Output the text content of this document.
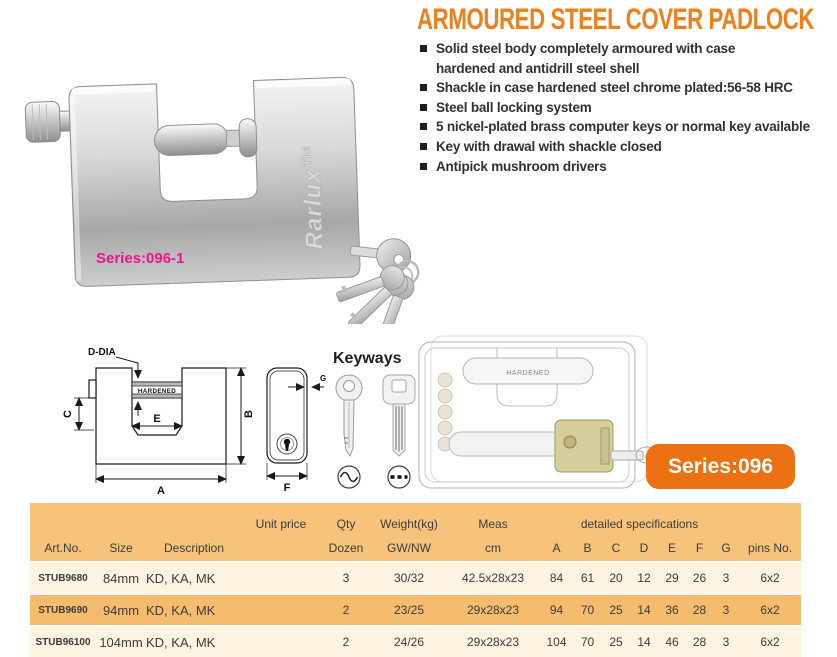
Rarlux™
Series:096-1
ARMOURED STEEL COVER PADLOCK
Solid steel body completely armoured with case
hardened and antidrill steel shell
Shackle in case hardened steel chrome plated:56-58 HRC
Steel ball locking system
5 nickel-plated brass computer keys or normal key available
Key with drawal with shackle closed
Antipick mushroom drivers
HARDENED
D-DIA
C	E	B
A
G
F
Keyways
HARDENED
Series:096
			Unit price	Qty	Weight(kg)	Meas	detailed specifications							
Art.No.	Size	Description		Dozen	GW/NW	cm	A	B	C	D	E	F	G	pins No.
STUB9680	84mm	KD, KA, MK		3	30/32	42.5x28x23	84	61	20	12	29	26	3	6x2
STUB9690	94mm	KD, KA, MK		2	23/25	29x28x23	94	70	25	14	36	28	3	6x2
STUB96100	104mm	KD, KA, MK		2	24/26	29x28x23	104	70	25	14	46	28	3	6x2
